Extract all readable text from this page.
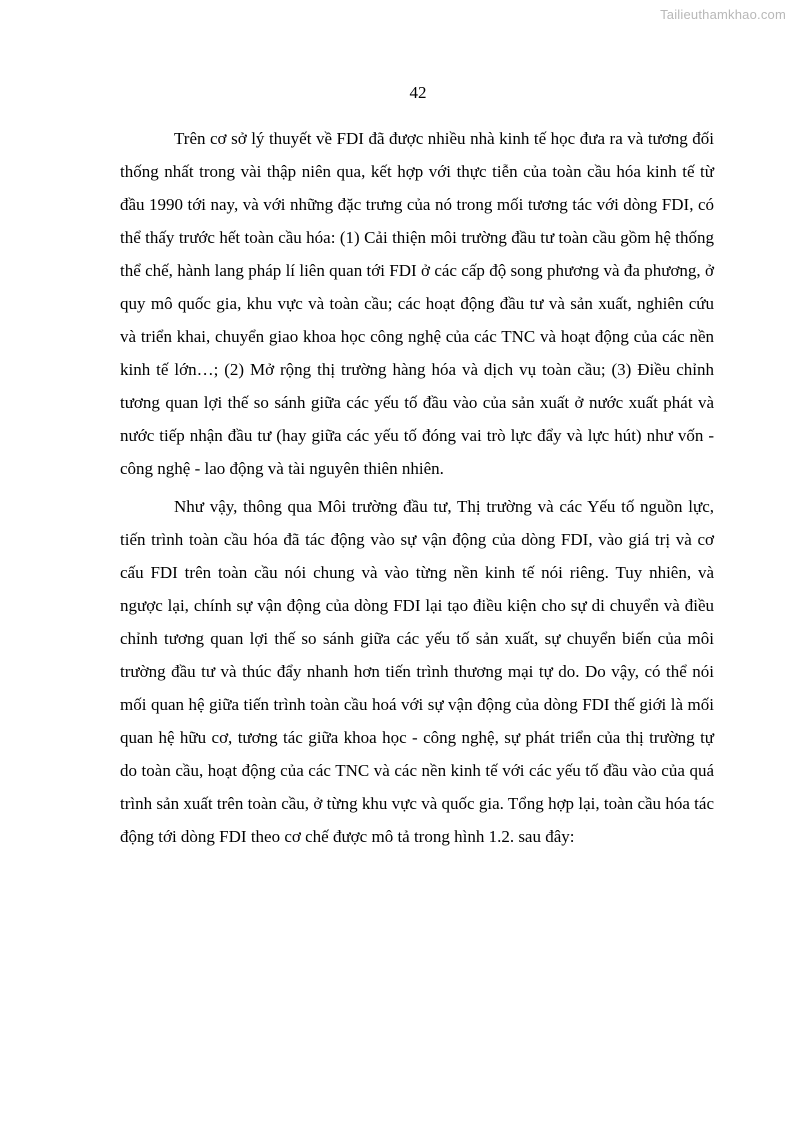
Tailieuthamkhao.com
42

Trên cơ sở lý thuyết về FDI đã được nhiều nhà kinh tế học đưa ra và tương đối thống nhất trong vài thập niên qua, kết hợp với thực tiễn của toàn cầu hóa kinh tế từ đầu 1990 tới nay, và với những đặc trưng của nó trong mối tương tác với dòng FDI, có thể thấy trước hết toàn cầu hóa: (1) Cải thiện môi trường đầu tư toàn cầu gồm hệ thống thể chế, hành lang pháp lí liên quan tới FDI ở các cấp độ song phương và đa phương, ở quy mô quốc gia, khu vực và toàn cầu; các hoạt động đầu tư và sản xuất, nghiên cứu và triển khai, chuyển giao khoa học công nghệ của các TNC và hoạt động của các nền kinh tế lớn…; (2) Mở rộng thị trường hàng hóa và dịch vụ toàn cầu; (3) Điều chỉnh tương quan lợi thế so sánh giữa các yếu tố đầu vào của sản xuất ở nước xuất phát và nước tiếp nhận đầu tư (hay giữa các yếu tố đóng vai trò lực đẩy và lực hút) như vốn - công nghệ - lao động và tài nguyên thiên nhiên.

Như vậy, thông qua Môi trường đầu tư, Thị trường và các Yếu tố nguồn lực, tiến trình toàn cầu hóa đã tác động vào sự vận động của dòng FDI, vào giá trị và cơ cấu FDI trên toàn cầu nói chung và vào từng nền kinh tế nói riêng. Tuy nhiên, và ngược lại, chính sự vận động của dòng FDI lại tạo điều kiện cho sự di chuyển và điều chỉnh tương quan lợi thế so sánh giữa các yếu tố sản xuất, sự chuyển biến của môi trường đầu tư và thúc đẩy nhanh hơn tiến trình thương mại tự do. Do vậy, có thể nói mối quan hệ giữa tiến trình toàn cầu hoá với sự vận động của dòng FDI thế giới là mối quan hệ hữu cơ, tương tác giữa khoa học - công nghệ, sự phát triển của thị trường tự do toàn cầu, hoạt động của các TNC và các nền kinh tế với các yếu tố đầu vào của quá trình sản xuất trên toàn cầu, ở từng khu vực và quốc gia. Tổng hợp lại, toàn cầu hóa tác động tới dòng FDI theo cơ chế được mô tả trong hình 1.2. sau đây:
